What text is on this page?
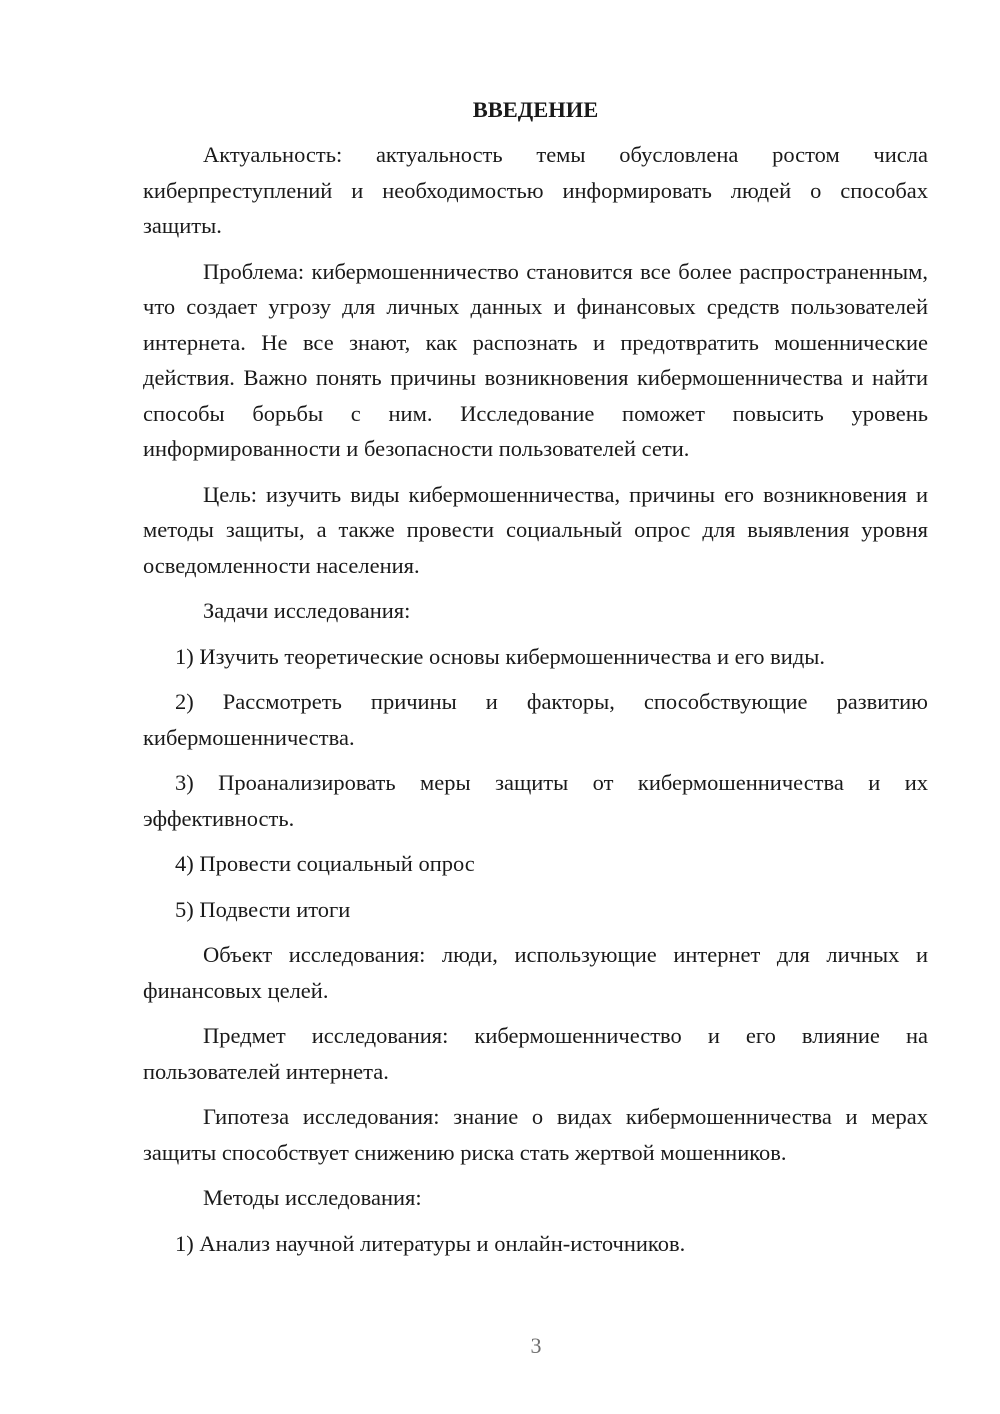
ВВЕДЕНИЕ

Актуальность: актуальность темы обусловлена ростом числа киберпреступлений и необходимостью информировать людей о способах защиты.

Проблема: кибермошенничество становится все более распространенным, что создает угрозу для личных данных и финансовых средств пользователей интернета. Не все знают, как распознать и предотвратить мошеннические действия. Важно понять причины возникновения кибермошенничества и найти способы борьбы с ним. Исследование поможет повысить уровень информированности и безопасности пользователей сети.

Цель: изучить виды кибермошенничества, причины его возникновения и методы защиты, а также провести социальный опрос для выявления уровня осведомленности населения.

Задачи исследования:

1) Изучить теоретические основы кибермошенничества и его виды.

2) Рассмотреть причины и факторы, способствующие развитию кибермошенничества.

3) Проанализировать меры защиты от кибермошенничества и их эффективность.

4) Провести социальный опрос

5) Подвести итоги

Объект исследования: люди, использующие интернет для личных и финансовых целей.

Предмет исследования: кибермошенничество и его влияние на пользователей интернета.

Гипотеза исследования: знание о видах кибермошенничества и мерах защиты способствует снижению риска стать жертвой мошенников.

Методы исследования:

1) Анализ научной литературы и онлайн-источников.

3
